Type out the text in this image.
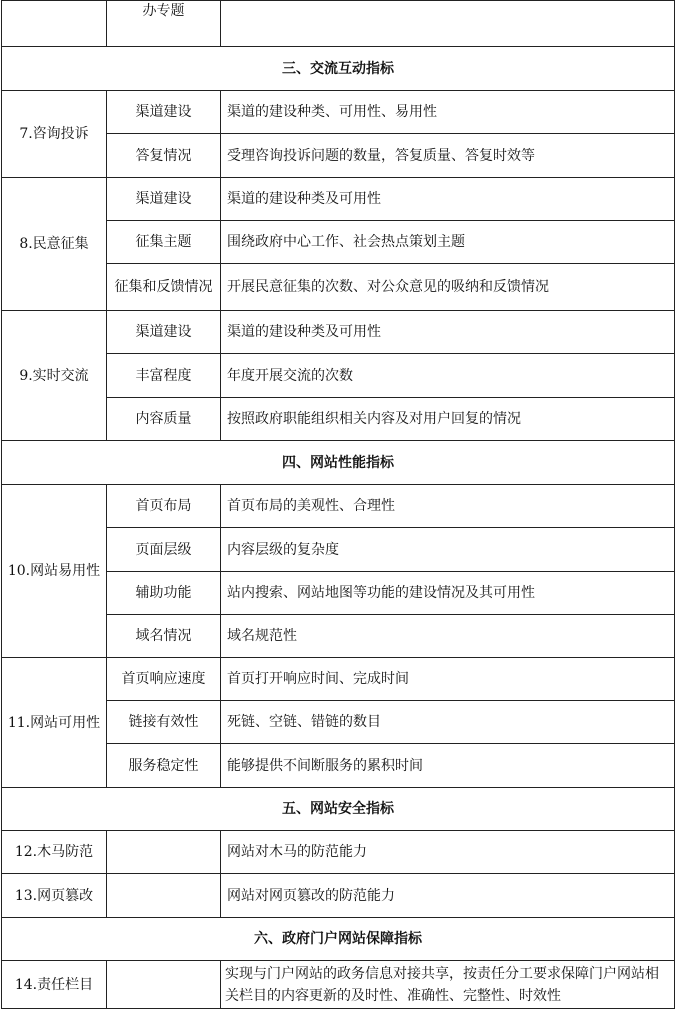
	办专题	
三、交流互动指标		
7.咨询投诉	渠道建设	渠道的建设种类、可用性、易用性
	答复情况	受理咨询投诉问题的数量，答复质量、答复时效等
8.民意征集	渠道建设	渠道的建设种类及可用性
	征集主题	围绕政府中心工作、社会热点策划主题
	征集和反馈情况	开展民意征集的次数、对公众意见的吸纳和反馈情况
9.实时交流	渠道建设	渠道的建设种类及可用性
	丰富程度	年度开展交流的次数
	内容质量	按照政府职能组织相关内容及对用户回复的情况
四、网站性能指标		
10.网站易用性	首页布局	首页布局的美观性、合理性
	页面层级	内容层级的复杂度
	辅助功能	站内搜索、网站地图等功能的建设情况及其可用性
	域名情况	域名规范性
11.网站可用性	首页响应速度	首页打开响应时间、完成时间
	链接有效性	死链、空链、错链的数目
	服务稳定性	能够提供不间断服务的累积时间
五、网站安全指标		
12.木马防范		网站对木马的防范能力
13.网页篡改		网站对网页篡改的防范能力
六、政府门户网站保障指标		
14.责任栏目		实现与门户网站的政务信息对接共享，按责任分工要求保障门户网站相关栏目的内容更新的及时性、准确性、完整性、时效性
